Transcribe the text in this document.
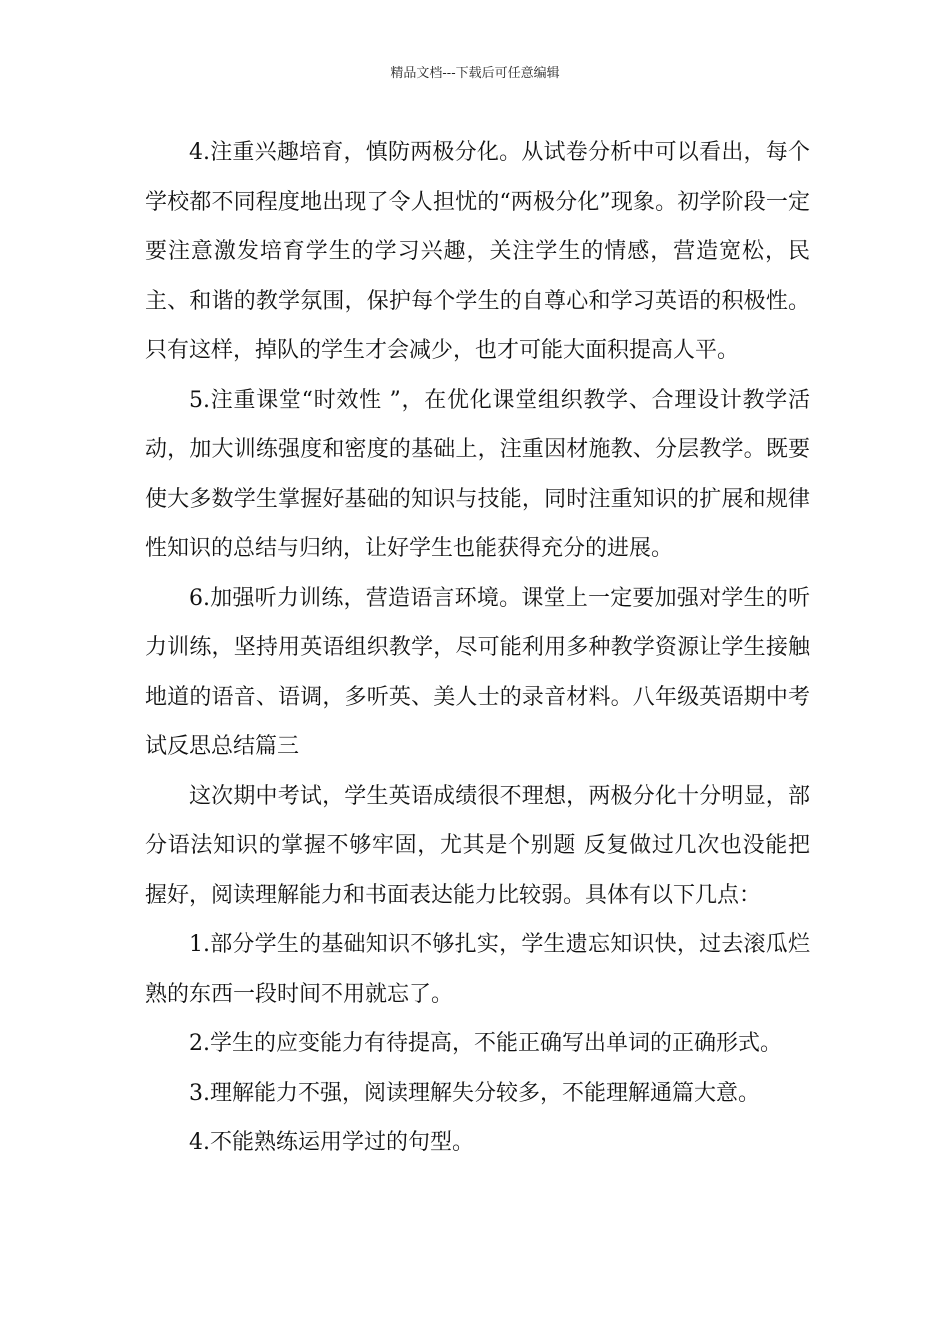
精品文档---下载后可任意编辑

4.注重兴趣培育，慎防两极分化。从试卷分析中可以看出，每个学校都不同程度地出现了令人担忧的“两极分化”现象。初学阶段一定要注意激发培育学生的学习兴趣，关注学生的情感，营造宽松，民主、和谐的教学氛围，保护每个学生的自尊心和学习英语的积极性。只有这样，掉队的学生才会减少，也才可能大面积提高人平。

5.注重课堂“时效性 ”，在优化课堂组织教学、合理设计教学活动，加大训练强度和密度的基础上，注重因材施教、分层教学。既要使大多数学生掌握好基础的知识与技能，同时注重知识的扩展和规律性知识的总结与归纳，让好学生也能获得充分的进展。

6.加强听力训练，营造语言环境。课堂上一定要加强对学生的听力训练，坚持用英语组织教学，尽可能利用多种教学资源让学生接触地道的语音、语调，多听英、美人士的录音材料。八年级英语期中考试反思总结篇三

这次期中考试，学生英语成绩很不理想，两极分化十分明显，部分语法知识的掌握不够牢固，尤其是个别题 反复做过几次也没能把握好，阅读理解能力和书面表达能力比较弱。具体有以下几点：

1.部分学生的基础知识不够扎实，学生遗忘知识快，过去滚瓜烂熟的东西一段时间不用就忘了。

2.学生的应变能力有待提高，不能正确写出单词的正确形式。

3.理解能力不强，阅读理解失分较多，不能理解通篇大意。

4.不能熟练运用学过的句型。
